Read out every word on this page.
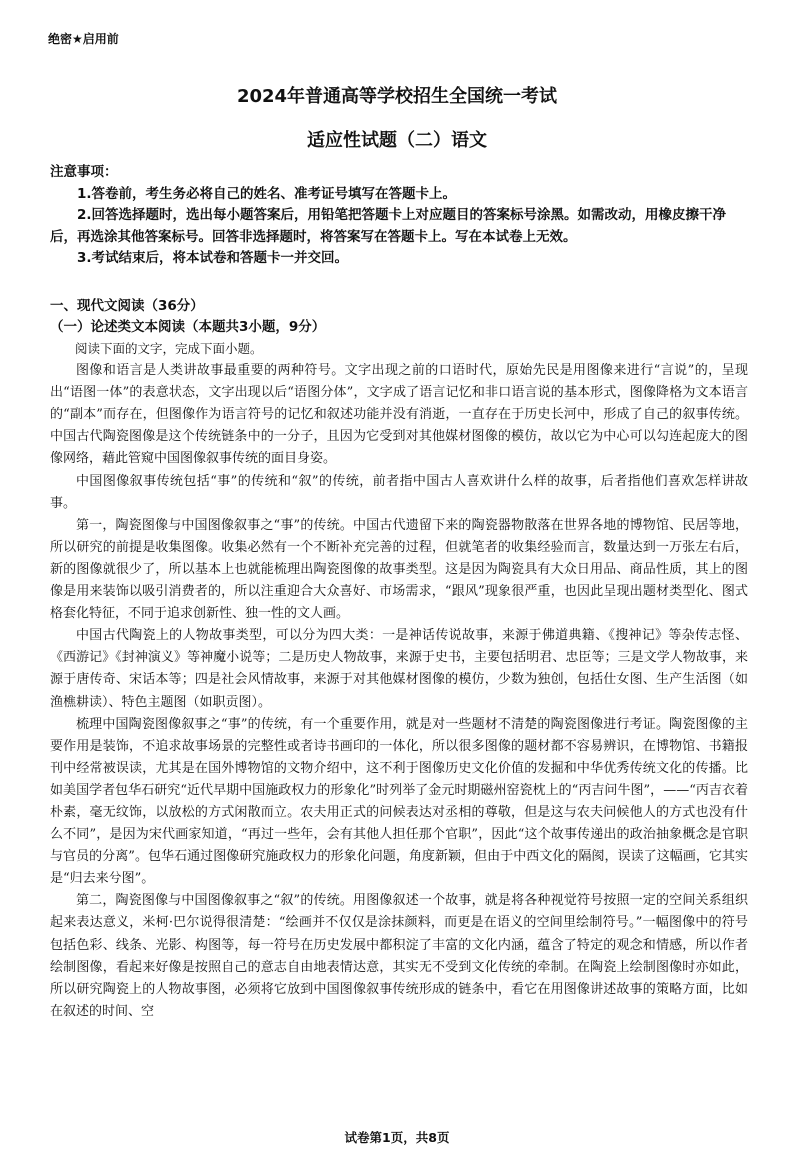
绝密★启用前
2024年普通高等学校招生全国统一考试
适应性试题（二）语文

注意事项：

1.答卷前，考生务必将自己的姓名、准考证号填写在答题卡上。

2.回答选择题时，选出每小题答案后，用铅笔把答题卡上对应题目的答案标号涂黑。如需改动，用橡皮擦干净后，再选涂其他答案标号。回答非选择题时，将答案写在答题卡上。写在本试卷上无效。

3.考试结束后，将本试卷和答题卡一并交回。

一、现代文阅读（36分）

（一）论述类文本阅读（本题共3小题，9分）

阅读下面的文字，完成下面小题。

图像和语言是人类讲故事最重要的两种符号。文字出现之前的口语时代，原始先民是用图像来进行“言说”的，呈现出“语图一体”的表意状态，文字出现以后“语图分体”，文字成了语言记忆和非口语言说的基本形式，图像降格为文本语言的“副本”而存在，但图像作为语言符号的记忆和叙述功能并没有消逝，一直存在于历史长河中，形成了自己的叙事传统。中国古代陶瓷图像是这个传统链条中的一分子，且因为它受到对其他媒材图像的模仿，故以它为中心可以勾连起庞大的图像网络，藉此管窥中国图像叙事传统的面目身姿。

中国图像叙事传统包括“事”的传统和“叙”的传统，前者指中国古人喜欢讲什么样的故事，后者指他们喜欢怎样讲故事。

第一，陶瓷图像与中国图像叙事之“事”的传统。中国古代遗留下来的陶瓷器物散落在世界各地的博物馆、民居等地，所以研究的前提是收集图像。收集必然有一个不断补充完善的过程，但就笔者的收集经验而言，数量达到一万张左右后，新的图像就很少了，所以基本上也就能梳理出陶瓷图像的故事类型。这是因为陶瓷具有大众日用品、商品性质，其上的图像是用来装饰以吸引消费者的，所以注重迎合大众喜好、市场需求，“跟风”现象很严重，也因此呈现出题材类型化、图式格套化特征，不同于追求创新性、独一性的文人画。

中国古代陶瓷上的人物故事类型，可以分为四大类：一是神话传说故事，来源于佛道典籍、《搜神记》等杂传志怪、《西游记》《封神演义》等神魔小说等；二是历史人物故事，来源于史书，主要包括明君、忠臣等；三是文学人物故事，来源于唐传奇、宋话本等；四是社会风情故事，来源于对其他媒材图像的模仿，少数为独创，包括仕女图、生产生活图（如渔樵耕读）、特色主题图（如职贡图）。

梳理中国陶瓷图像叙事之“事”的传统，有一个重要作用，就是对一些题材不清楚的陶瓷图像进行考证。陶瓷图像的主要作用是装饰，不追求故事场景的完整性或者诗书画印的一体化，所以很多图像的题材都不容易辨识，在博物馆、书籍报刊中经常被误读，尤其是在国外博物馆的文物介绍中，这不利于图像历史文化价值的发掘和中华优秀传统文化的传播。比如美国学者包华石研究“近代早期中国施政权力的形象化”时列举了金元时期磁州窑瓷枕上的“丙吉问牛图”，——“丙吉衣着朴素，毫无纹饰，以放松的方式闲散而立。农夫用正式的问候表达对丞相的尊敬，但是这与农夫问候他人的方式也没有什么不同”，是因为宋代画家知道，“再过一些年，会有其他人担任那个官职”，因此“这个故事传递出的政治抽象概念是官职与官员的分离”。包华石通过图像研究施政权力的形象化问题，角度新颖，但由于中西文化的隔阂，误读了这幅画，它其实是“归去来兮图”。

第二，陶瓷图像与中国图像叙事之“叙”的传统。用图像叙述一个故事，就是将各种视觉符号按照一定的空间关系组织起来表达意义，米柯·巴尔说得很清楚：“绘画并不仅仅是涂抹颜料，而更是在语义的空间里绘制符号。”一幅图像中的符号包括色彩、线条、光影、构图等，每一符号在历史发展中都积淀了丰富的文化内涵，蕴含了特定的观念和情感，所以作者绘制图像，看起来好像是按照自己的意志自由地表情达意，其实无不受到文化传统的牵制。在陶瓷上绘制图像时亦如此，所以研究陶瓷上的人物故事图，必须将它放到中国图像叙事传统形成的链条中，看它在用图像讲述故事的策略方面，比如在叙述的时间、空

试卷第1页，共8页
